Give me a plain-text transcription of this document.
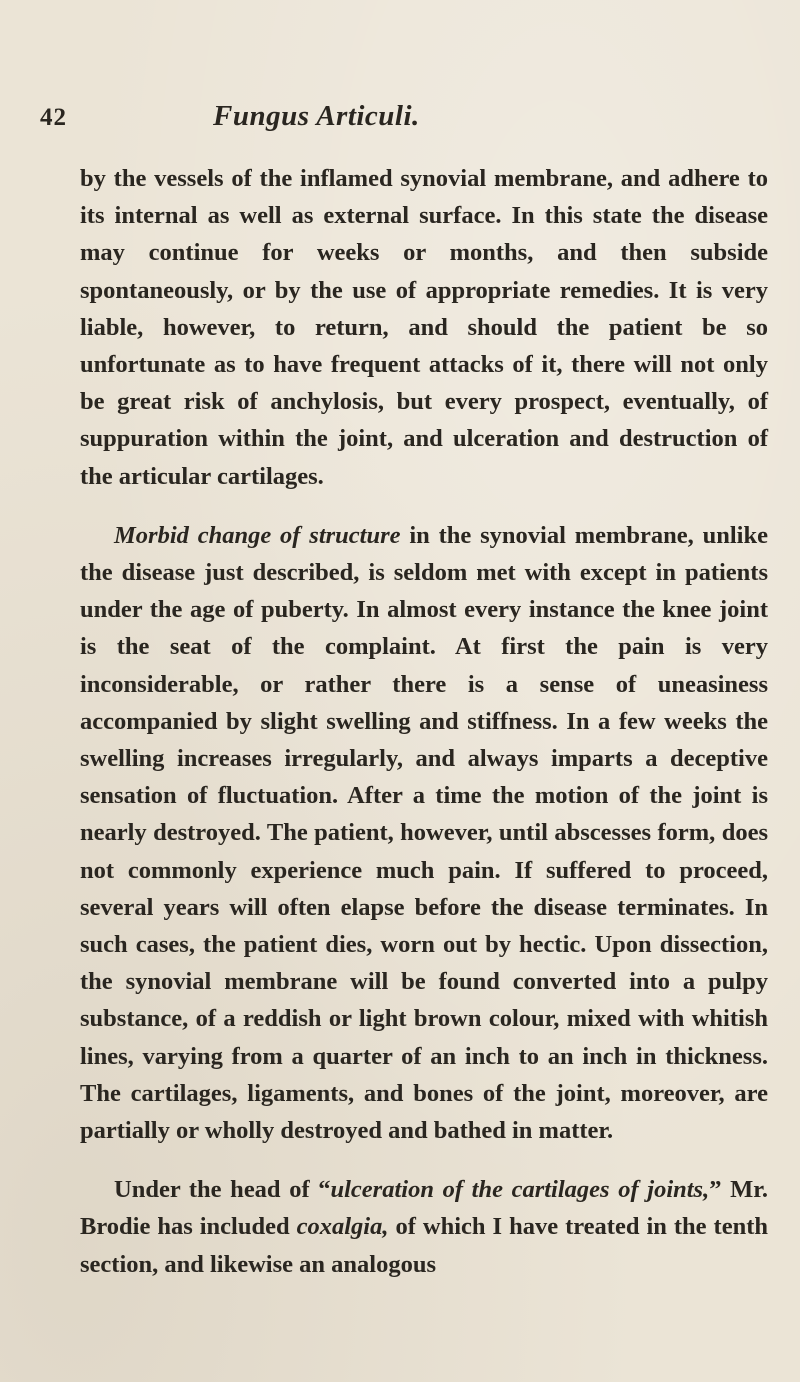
42	Fungus Articuli.

by the vessels of the inflamed synovial membrane, and adhere to its internal as well as external surface. In this state the disease may continue for weeks or months, and then subside spontaneously, or by the use of appropriate remedies. It is very liable, however, to return, and should the patient be so unfortunate as to have frequent attacks of it, there will not only be great risk of anchylosis, but every prospect, eventually, of suppuration within the joint, and ulceration and destruction of the articular cartilages.

Morbid change of structure in the synovial membrane, unlike the disease just described, is seldom met with except in patients under the age of puberty. In almost every instance the knee joint is the seat of the complaint. At first the pain is very inconsiderable, or rather there is a sense of uneasiness accompanied by slight swelling and stiffness. In a few weeks the swelling increases irregularly, and always imparts a deceptive sensation of fluctuation. After a time the motion of the joint is nearly destroyed. The patient, however, until abscesses form, does not commonly experience much pain. If suffered to proceed, several years will often elapse before the disease terminates. In such cases, the patient dies, worn out by hectic. Upon dissection, the synovial membrane will be found converted into a pulpy substance, of a reddish or light brown colour, mixed with whitish lines, varying from a quarter of an inch to an inch in thickness. The cartilages, ligaments, and bones of the joint, moreover, are partially or wholly destroyed and bathed in matter.

Under the head of “ulceration of the cartilages of joints,” Mr. Brodie has included coxalgia, of which I have treated in the tenth section, and likewise an analogous
